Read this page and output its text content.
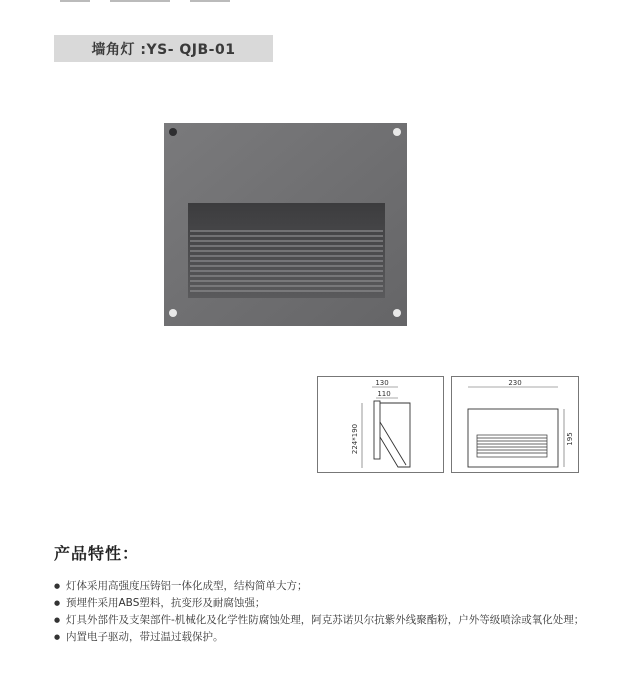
墙角灯 :YS- QJB-01
130
110
224*190
230
195
产品特性：
● 灯体采用高强度压铸铝一体化成型，结构简单大方；
● 预埋件采用ABS塑料，抗变形及耐腐蚀强；
● 灯具外部件及支架部件-机械化及化学性防腐蚀处理，阿克苏诺贝尔抗紫外线聚酯粉，户外等级喷涂或氧化处理；
● 内置电子驱动，带过温过载保护。
